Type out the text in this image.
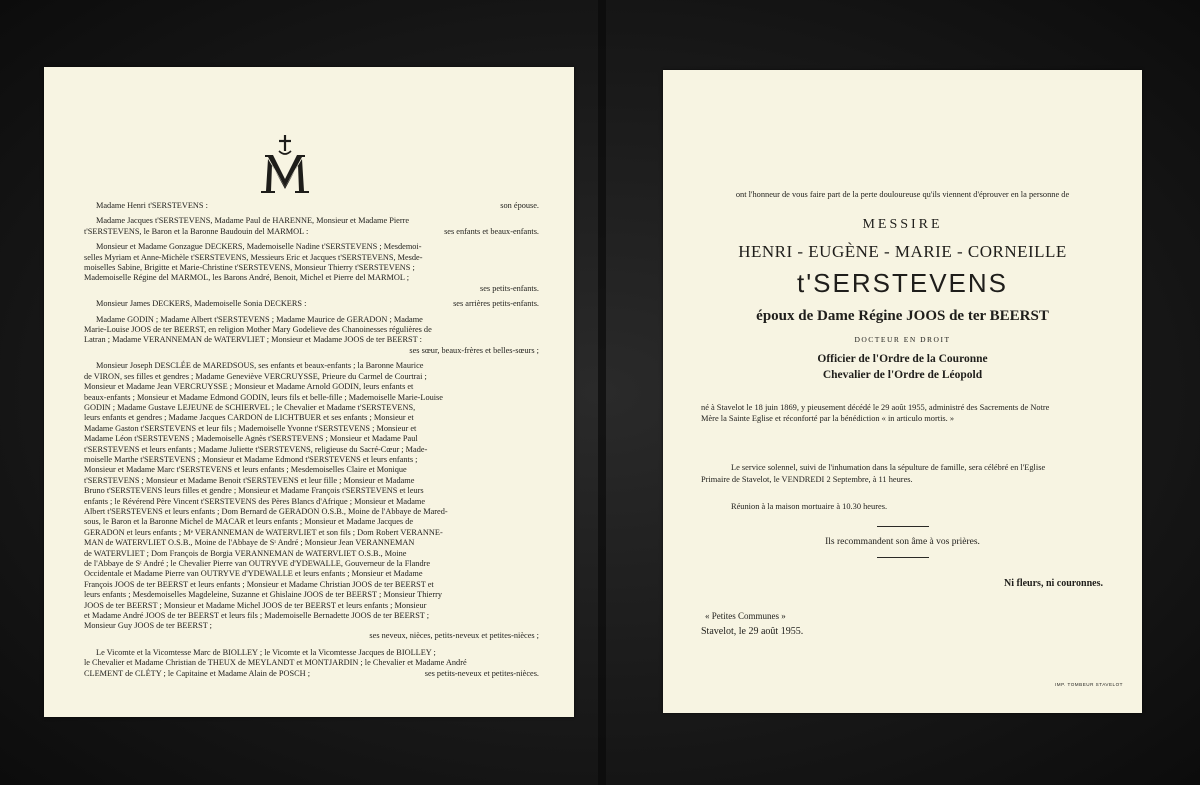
Madame Henri t'SERSTEVENS :	son épouse.
Madame Jacques t'SERSTEVENS, Madame Paul de HARENNE, Monsieur et Madame Pierre
t'SERSTEVENS, le Baron et la Baronne Baudouin del MARMOL :	ses enfants et beaux-enfants.
Monsieur et Madame Gonzague DECKERS, Mademoiselle Nadine t'SERSTEVENS ; Mesdemoi-
selles Myriam et Anne-Michèle t'SERSTEVENS, Messieurs Eric et Jacques t'SERSTEVENS, Mesde-
moiselles Sabine, Brigitte et Marie-Christine t'SERSTEVENS, Monsieur Thierry t'SERSTEVENS ;
Mademoiselle Régine del MARMOL, les Barons André, Benoit, Michel et Pierre del MARMOL ;
ses petits-enfants.
Monsieur James DECKERS, Mademoiselle Sonia DECKERS :	ses arrières petits-enfants.
Madame GODIN ; Madame Albert t'SERSTEVENS ; Madame Maurice de GERADON ; Madame
Marie-Louise JOOS de ter BEERST, en religion Mother Mary Godelieve des Chanoinesses régulières de
Latran ; Madame VERANNEMAN de WATERVLIET ; Monsieur et Madame JOOS de ter BEERST :
ses sœur, beaux-frères et belles-sœurs ;
Monsieur Joseph DESCLÉE de MAREDSOUS, ses enfants et beaux-enfants ; la Baronne Maurice
de VIRON, ses filles et gendres ; Madame Geneviève VERCRUYSSE, Prieure du Carmel de Courtrai ;
Monsieur et Madame Jean VERCRUYSSE ; Monsieur et Madame Arnold GODIN, leurs enfants et
beaux-enfants ; Monsieur et Madame Edmond GODIN, leurs fils et belle-fille ; Mademoiselle Marie-Louise
GODIN ; Madame Gustave LEJEUNE de SCHIERVEL ; le Chevalier et Madame t'SERSTEVENS,
leurs enfants et gendres ; Madame Jacques CARDON de LICHTBUER et ses enfants ; Monsieur et
Madame Gaston t'SERSTEVENS et leur fils ; Mademoiselle Yvonne t'SERSTEVENS ; Monsieur et
Madame Léon t'SERSTEVENS ; Mademoiselle Agnès t'SERSTEVENS ; Monsieur et Madame Paul
t'SERSTEVENS et leurs enfants ; Madame Juliette t'SERSTEVENS, religieuse du Sacré-Cœur ; Made-
moiselle Marthe t'SERSTEVENS ; Monsieur et Madame Edmond t'SERSTEVENS et leurs enfants ;
Monsieur et Madame Marc t'SERSTEVENS et leurs enfants ; Mesdemoiselles Claire et Monique
t'SERSTEVENS ; Monsieur et Madame Benoit t'SERSTEVENS et leur fille ; Monsieur et Madame
Bruno t'SERSTEVENS leurs filles et gendre ; Monsieur et Madame François t'SERSTEVENS et leurs
enfants ; le Révérend Père Vincent t'SERSTEVENS des Pères Blancs d'Afrique ; Monsieur et Madame
Albert t'SERSTEVENS et leurs enfants ; Dom Bernard de GERADON O.S.B., Moine de l'Abbaye de Mared-
sous, le Baron et la Baronne Michel de MACAR et leurs enfants ; Monsieur et Madame Jacques de
GERADON et leurs enfants ; Mᵉ VERANNEMAN de WATERVLIET et son fils ; Dom Robert VERANNE-
MAN de WATERVLIET O.S.B., Moine de l'Abbaye de Sᵗ André ; Monsieur Jean VERANNEMAN
de WATERVLIET ; Dom François de Borgia VERANNEMAN de WATERVLIET O.S.B., Moine
de l'Abbaye de Sᵗ André ; le Chevalier Pierre van OUTRYVE d'YDEWALLE, Gouverneur de la Flandre
Occidentale et Madame Pierre van OUTRYVE d'YDEWALLE et leurs enfants ; Monsieur et Madame
François JOOS de ter BEERST et leurs enfants ; Monsieur et Madame Christian JOOS de ter BEERST et
leurs enfants ; Mesdemoiselles Magdeleine, Suzanne et Ghislaine JOOS de ter BEERST ; Monsieur Thierry
JOOS de ter BEERST ; Monsieur et Madame Michel JOOS de ter BEERST et leurs enfants ; Monsieur
et Madame André JOOS de ter BEERST et leurs fils ; Mademoiselle Bernadette JOOS de ter BEERST ;
Monsieur Guy JOOS de ter BEERST ;
ses neveux, nièces, petits-neveux et petites-nièces ;
Le Vicomte et la Vicomtesse Marc de BIOLLEY ; le Vicomte et la Vicomtesse Jacques de BIOLLEY ;
le Chevalier et Madame Christian de THEUX de MEYLANDT et MONTJARDIN ; le Chevalier et Madame André
CLEMENT de CLÉTY ; le Capitaine et Madame Alain de POSCH ;	ses petits-neveux et petites-nièces.
ont l'honneur de vous faire part de la perte douloureuse qu'ils viennent d'éprouver en la personne de
MESSIRE
HENRI - EUGÈNE - MARIE - CORNEILLE
t'SERSTEVENS
époux de Dame Régine JOOS de ter BEERST
DOCTEUR EN DROIT
Officier de l'Ordre de la Couronne
Chevalier de l'Ordre de Léopold
né à Stavelot le 18 juin 1869, y pieusement décédé le 29 août 1955, administré des Sacrements de Notre
Mère la Sainte Eglise et réconforté par la bénédiction « in articulo mortis. »
Le service solennel, suivi de l'inhumation dans la sépulture de famille, sera célébré en l'Eglise
Primaire de Stavelot, le VENDREDI 2 Septembre, à 11 heures.
Réunion à la maison mortuaire à 10.30 heures.
Ils recommandent son âme à vos prières.
Ni fleurs, ni couronnes.
« Petites Communes »
Stavelot, le 29 août 1955.
IMP. TOMBEUR STAVELOT
